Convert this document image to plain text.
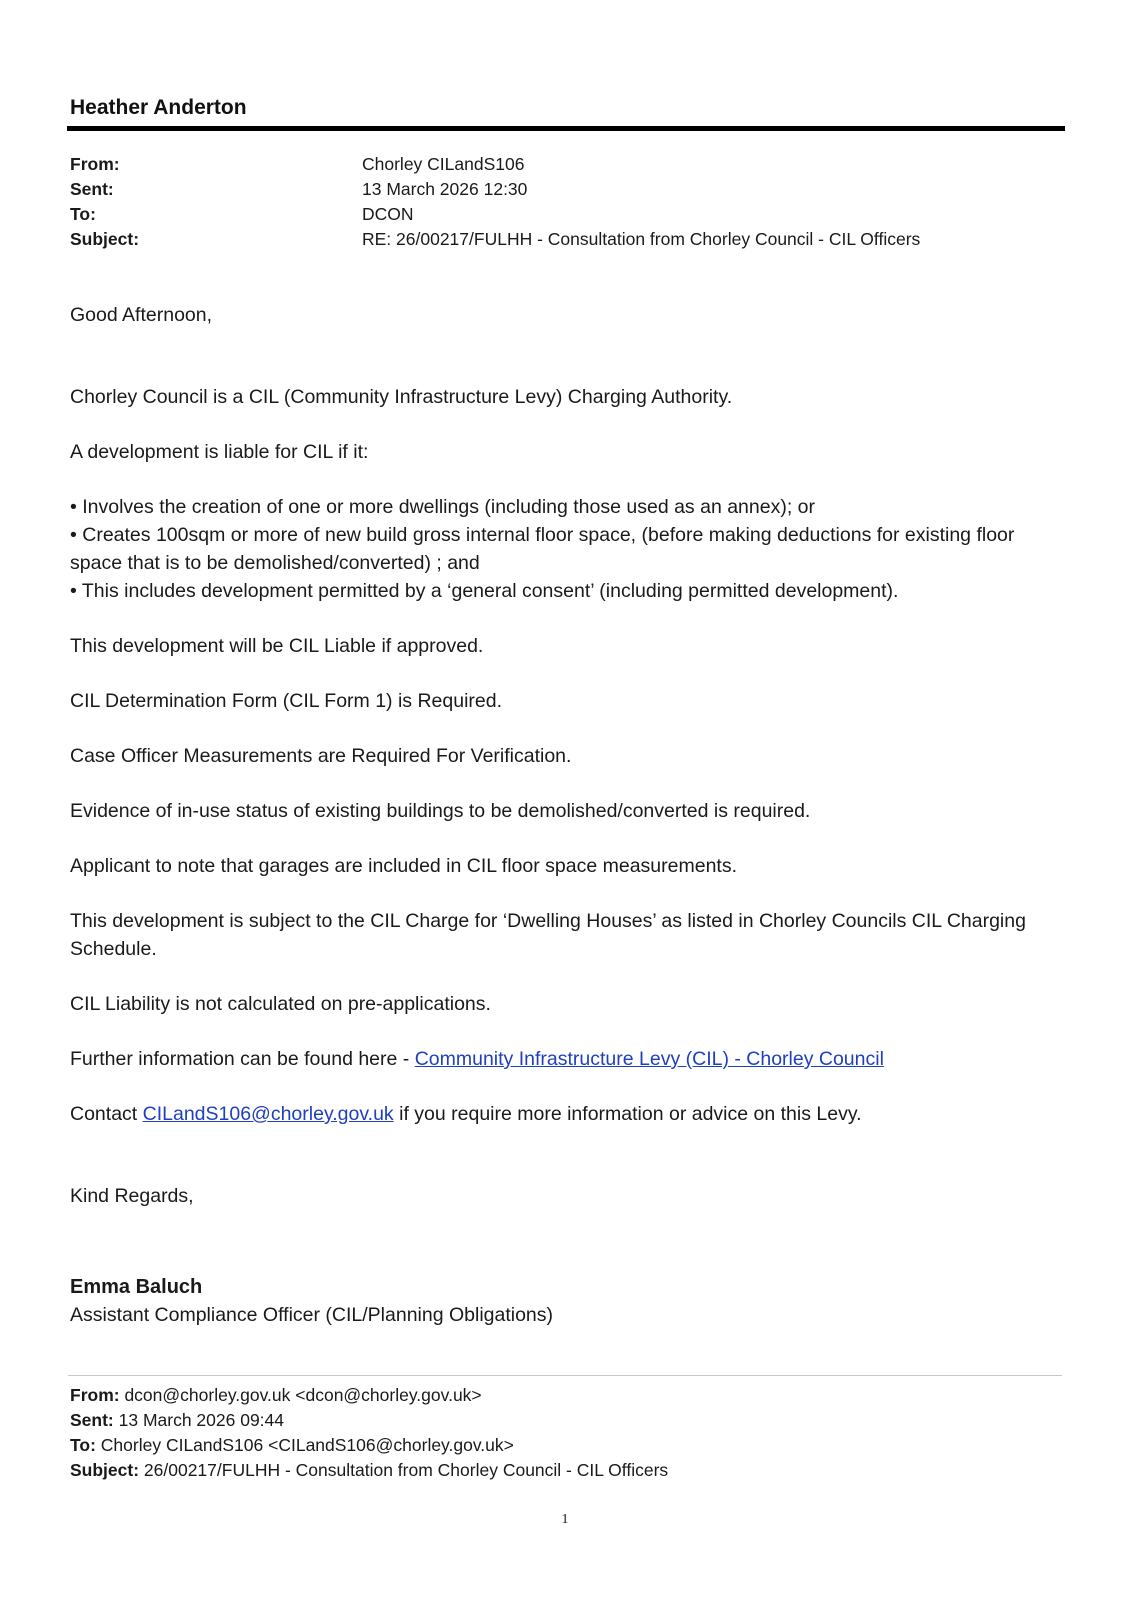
Heather Anderton
From:	Chorley CILandS106
Sent:	13 March 2026 12:30
To:	DCON
Subject:	RE: 26/00217/FULHH - Consultation from Chorley Council - CIL Officers

Good Afternoon,

Chorley Council is a CIL (Community Infrastructure Levy) Charging Authority.

A development is liable for CIL if it:

• Involves the creation of one or more dwellings (including those used as an annex); or

• Creates 100sqm or more of new build gross internal floor space, (before making deductions for existing floor space that is to be demolished/converted) ; and

• This includes development permitted by a ‘general consent’ (including permitted development).

This development will be CIL Liable if approved.

CIL Determination Form (CIL Form 1) is Required.

Case Officer Measurements are Required For Verification.

Evidence of in-use status of existing buildings to be demolished/converted is required.

Applicant to note that garages are included in CIL floor space measurements.

This development is subject to the CIL Charge for ‘Dwelling Houses’ as listed in Chorley Councils CIL Charging Schedule.

CIL Liability is not calculated on pre-applications.

Further information can be found here - Community Infrastructure Levy (CIL) - Chorley Council

Contact CILandS106@chorley.gov.uk if you require more information or advice on this Levy.

Kind Regards,

Emma Baluch
Assistant Compliance Officer (CIL/Planning Obligations)
From: dcon@chorley.gov.uk <dcon@chorley.gov.uk>
Sent: 13 March 2026 09:44
To: Chorley CILandS106 <CILandS106@chorley.gov.uk>
Subject: 26/00217/FULHH - Consultation from Chorley Council - CIL Officers
1
